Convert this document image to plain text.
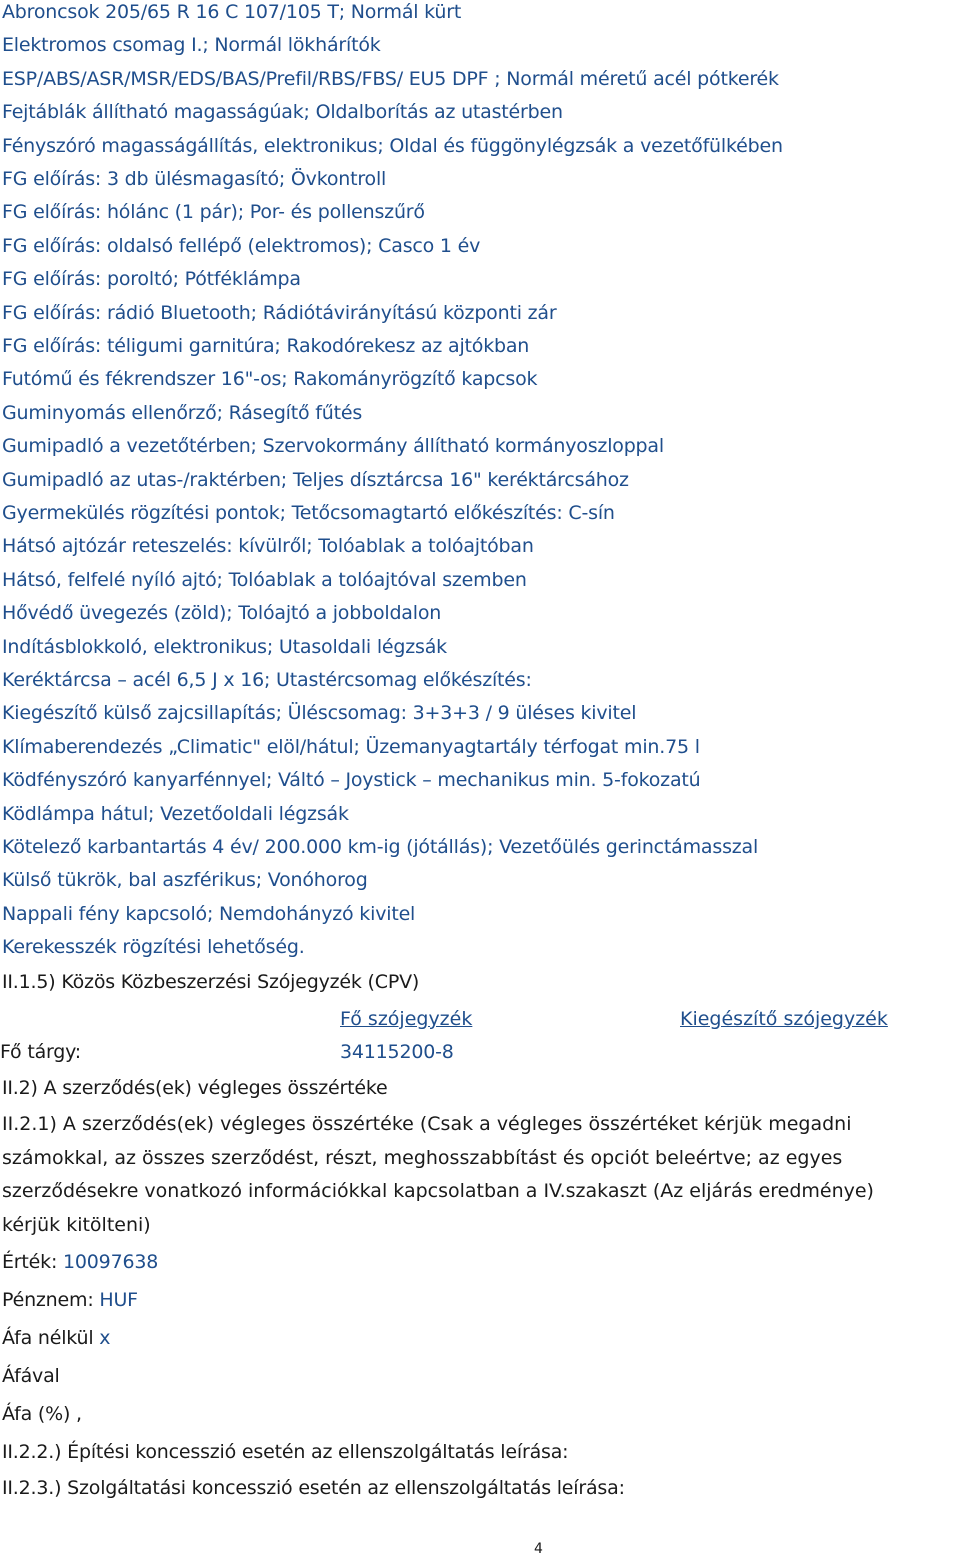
Abroncsok 205/65 R 16 C 107/105 T; Normál kürt
Elektromos csomag I.; Normál lökhárítók
ESP/ABS/ASR/MSR/EDS/BAS/Prefil/RBS/FBS/ EU5 DPF ; Normál méretű acél pótkerék
Fejtáblák állítható magasságúak; Oldalborítás az utastérben
Fényszóró magasságállítás, elektronikus; Oldal és függönylégzsák a vezetőfülkében
FG előírás: 3 db ülésmagasító; Övkontroll
FG előírás: hólánc (1 pár); Por- és pollenszűrő
FG előírás: oldalsó fellépő (elektromos); Casco 1 év
FG előírás: poroltó; Pótféklámpa
FG előírás: rádió Bluetooth; Rádiótávirányítású központi zár
FG előírás: téligumi garnitúra; Rakodórekesz az ajtókban
Futómű és fékrendszer 16"-os; Rakományrögzítő kapcsok
Guminyomás ellenőrző; Rásegítő fűtés
Gumipadló a vezetőtérben; Szervokormány állítható kormányoszloppal
Gumipadló az utas-/raktérben; Teljes dísztárcsa 16" keréktárcsához
Gyermekülés rögzítési pontok; Tetőcsomagtartó előkészítés: C-sín
Hátsó ajtózár reteszelés: kívülről; Tolóablak a tolóajtóban
Hátsó, felfelé nyíló ajtó; Tolóablak a tolóajtóval szemben
Hővédő üvegezés (zöld); Tolóajtó a jobboldalon
Indításblokkoló, elektronikus; Utasoldali légzsák
Keréktárcsa – acél 6,5 J x 16; Utastércsomag előkészítés:
Kiegészítő külső zajcsillapítás; Üléscsomag: 3+3+3 / 9 üléses kivitel
Klímaberendezés „Climatic" elöl/hátul; Üzemanyagtartály térfogat min.75 l
Ködfényszóró kanyarfénnyel; Váltó – Joystick – mechanikus min. 5-fokozatú
Ködlámpa hátul; Vezetőoldali légzsák
Kötelező karbantartás 4 év/ 200.000 km-ig (jótállás); Vezetőülés gerinctámasszal
Külső tükrök, bal aszférikus; Vonóhorog
Nappali fény kapcsoló; Nemdohányzó kivitel
Kerekesszék rögzítési lehetőség.
II.1.5) Közös Közbeszerzési Szójegyzék (CPV)
Fő szójegyzék	Kiegészítő szójegyzék
Fő tárgy:	34115200-8
II.2) A szerződés(ek) végleges összértéke
II.2.1) A szerződés(ek) végleges összértéke (Csak a végleges összértéket kérjük megadni
számokkal, az összes szerződést, részt, meghosszabbítást és opciót beleértve; az egyes
szerződésekre vonatkozó információkkal kapcsolatban a IV.szakaszt (Az eljárás eredménye)
kérjük kitölteni)
Érték: 10097638
Pénznem: HUF
Áfa nélkül x
Áfával
Áfa (%) ,
II.2.2.) Építési koncesszió esetén az ellenszolgáltatás leírása:
II.2.3.) Szolgáltatási koncesszió esetén az ellenszolgáltatás leírása:
4
